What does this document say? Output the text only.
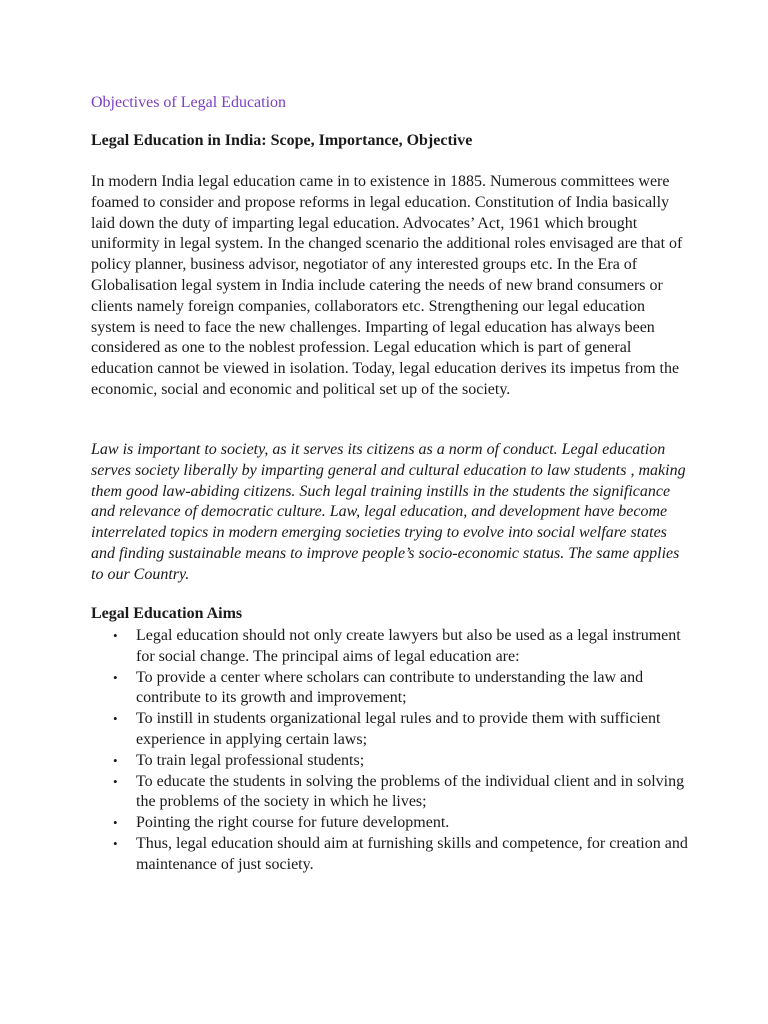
Objectives of Legal Education
Legal Education in India: Scope, Importance, Objective

In modern India legal education came in to existence in 1885. Numerous committees were foamed to consider and propose reforms in legal education. Constitution of India basically laid down the duty of imparting legal education. Advocates’ Act, 1961 which brought uniformity in legal system. In the changed scenario the additional roles envisaged are that of policy planner, business advisor, negotiator of any interested groups etc. In the Era of Globalisation legal system in India include catering the needs of new brand consumers or clients namely foreign companies, collaborators etc. Strengthening our legal education system is need to face the new challenges. Imparting of legal education has always been considered as one to the noblest profession. Legal education which is part of general education cannot be viewed in isolation. Today, legal education derives its impetus from the economic, social and economic and political set up of the society.

Law is important to society, as it serves its citizens as a norm of conduct. Legal education serves society liberally by imparting general and cultural education to law students , making them good law-abiding citizens. Such legal training instills in the students the significance and relevance of democratic culture. Law, legal education, and development have become interrelated topics in modern emerging societies trying to evolve into social welfare states and finding sustainable means to improve people’s socio-economic status. The same applies to our Country.

Legal Education Aims
• Legal education should not only create lawyers but also be used as a legal instrument for social change. The principal aims of legal education are:
• To provide a center where scholars can contribute to understanding the law and contribute to its growth and improvement;
• To instill in students organizational legal rules and to provide them with sufficient experience in applying certain laws;
• To train legal professional students;
• To educate the students in solving the problems of the individual client and in solving the problems of the society in which he lives;
• Pointing the right course for future development.
• Thus, legal education should aim at furnishing skills and competence, for creation and maintenance of just society.
